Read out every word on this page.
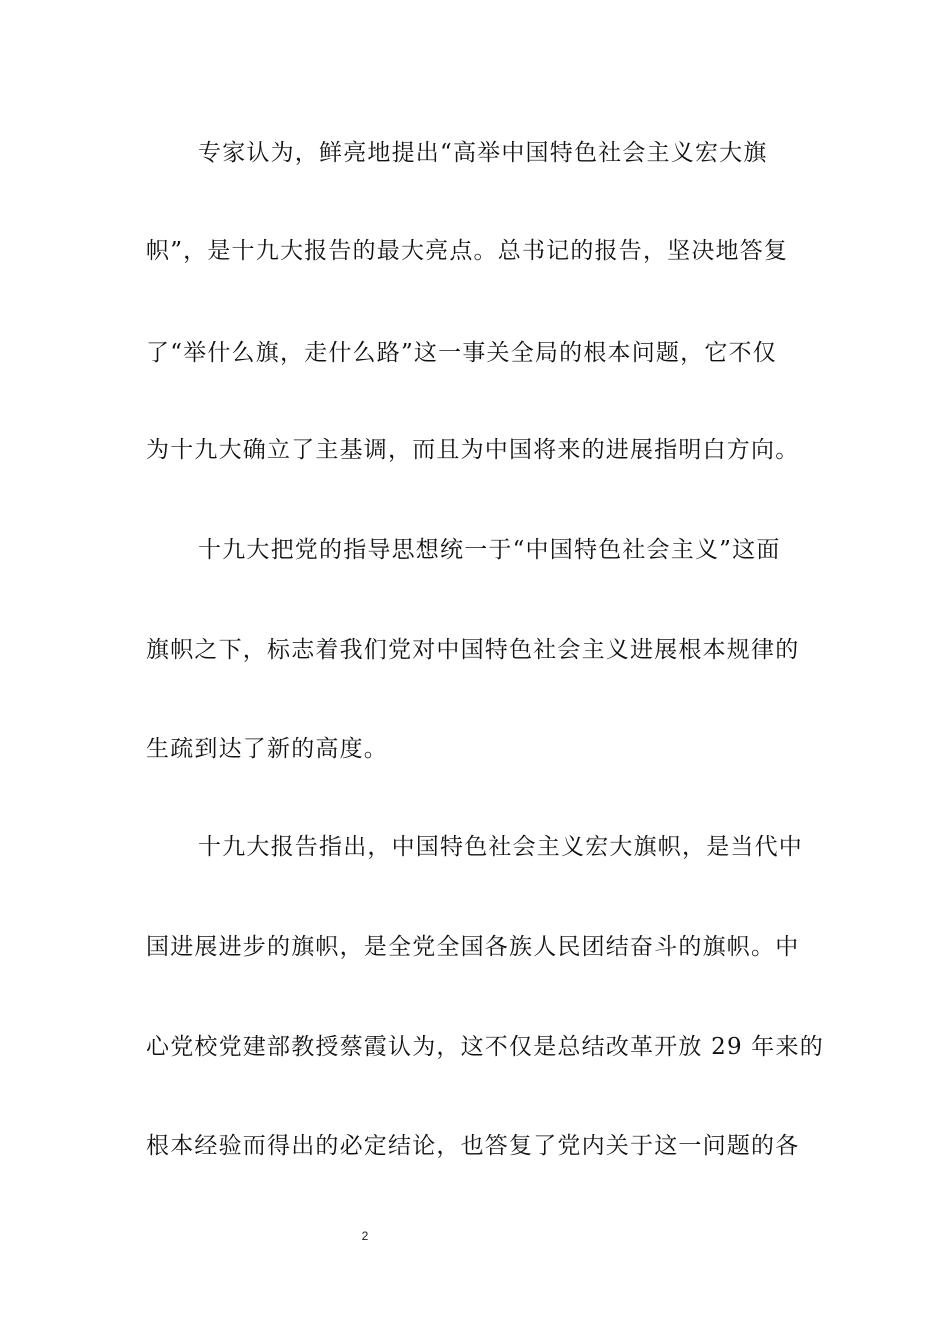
专家认为，鲜亮地提出“高举中国特色社会主义宏大旗
帜”，是十九大报告的最大亮点。总书记的报告，坚决地答复
了“举什么旗，走什么路”这一事关全局的根本问题，它不仅
为十九大确立了主基调，而且为中国将来的进展指明白方向。
十九大把党的指导思想统一于“中国特色社会主义”这面
旗帜之下，标志着我们党对中国特色社会主义进展根本规律的
生疏到达了新的高度。
十九大报告指出，中国特色社会主义宏大旗帜，是当代中
国进展进步的旗帜，是全党全国各族人民团结奋斗的旗帜。中
心党校党建部教授蔡霞认为，这不仅是总结改革开放 29 年来的
根本经验而得出的必定结论，也答复了党内关于这一问题的各
2
